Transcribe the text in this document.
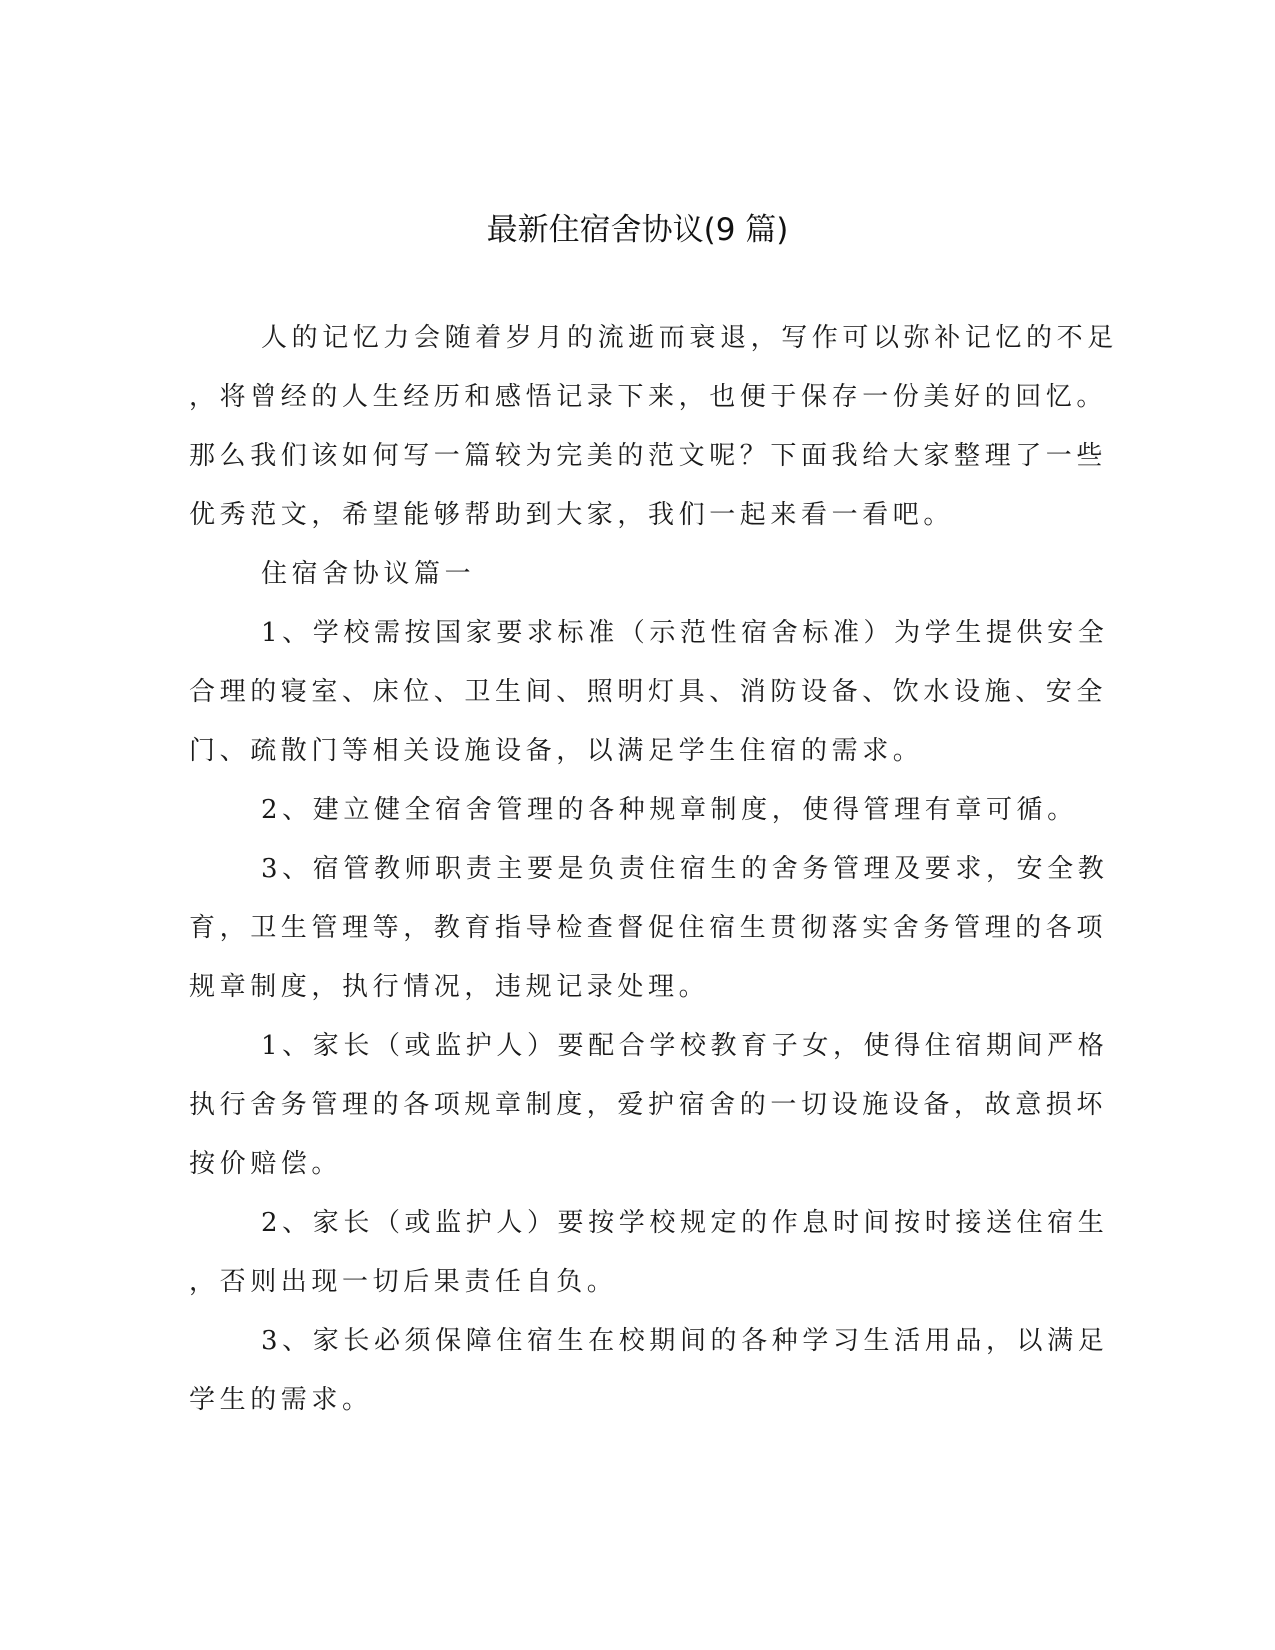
最新住宿舍协议(9 篇)
人的记忆力会随着岁月的流逝而衰退，写作可以弥补记忆的不足
，将曾经的人生经历和感悟记录下来，也便于保存一份美好的回忆。
那么我们该如何写一篇较为完美的范文呢？下面我给大家整理了一些
优秀范文，希望能够帮助到大家，我们一起来看一看吧。
住宿舍协议篇一
1、学校需按国家要求标准（示范性宿舍标准）为学生提供安全
合理的寝室、床位、卫生间、照明灯具、消防设备、饮水设施、安全
门、疏散门等相关设施设备，以满足学生住宿的需求。
2、建立健全宿舍管理的各种规章制度，使得管理有章可循。
3、宿管教师职责主要是负责住宿生的舍务管理及要求，安全教
育，卫生管理等，教育指导检查督促住宿生贯彻落实舍务管理的各项
规章制度，执行情况，违规记录处理。
1、家长（或监护人）要配合学校教育子女，使得住宿期间严格
执行舍务管理的各项规章制度，爱护宿舍的一切设施设备，故意损坏
按价赔偿。
2、家长（或监护人）要按学校规定的作息时间按时接送住宿生
，否则出现一切后果责任自负。
3、家长必须保障住宿生在校期间的各种学习生活用品，以满足
学生的需求。
